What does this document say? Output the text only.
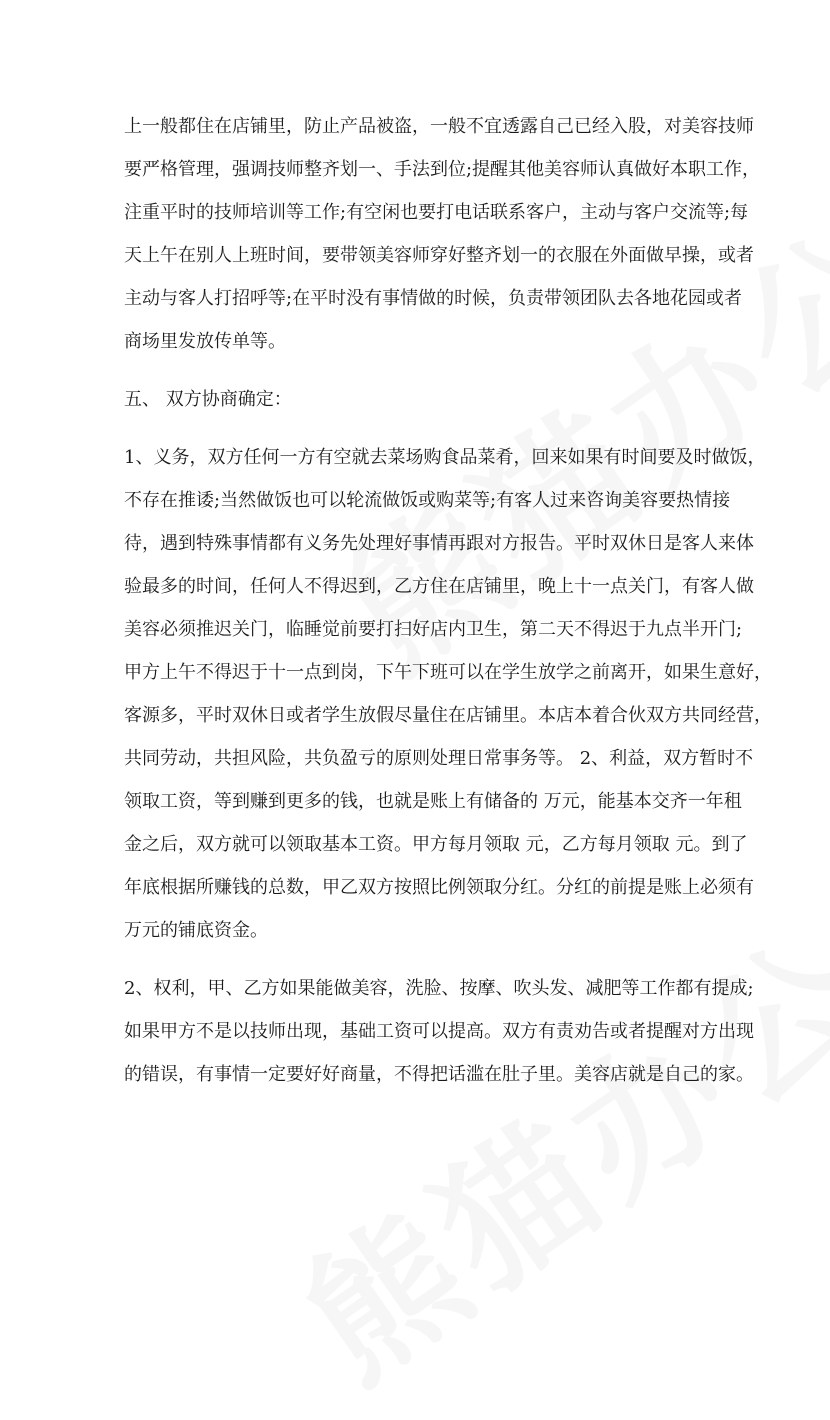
上一般都住在店铺里，防止产品被盗，一般不宜透露自己已经入股，对美容技师
要严格管理，强调技师整齐划一、手法到位;提醒其他美容师认真做好本职工作，
注重平时的技师培训等工作;有空闲也要打电话联系客户，主动与客户交流等;每
天上午在别人上班时间，要带领美容师穿好整齐划一的衣服在外面做早操，或者
主动与客人打招呼等;在平时没有事情做的时候，负责带领团队去各地花园或者
商场里发放传单等。
五、 双方协商确定：
1、义务，双方任何一方有空就去菜场购食品菜肴，回来如果有时间要及时做饭，
不存在推诿;当然做饭也可以轮流做饭或购菜等;有客人过来咨询美容要热情接
待，遇到特殊事情都有义务先处理好事情再跟对方报告。平时双休日是客人来体
验最多的时间，任何人不得迟到，乙方住在店铺里，晚上十一点关门，有客人做
美容必须推迟关门，临睡觉前要打扫好店内卫生，第二天不得迟于九点半开门;
甲方上午不得迟于十一点到岗，下午下班可以在学生放学之前离开，如果生意好，
客源多，平时双休日或者学生放假尽量住在店铺里。本店本着合伙双方共同经营，
共同劳动，共担风险，共负盈亏的原则处理日常事务等。 2、利益，双方暂时不
领取工资，等到赚到更多的钱，也就是账上有储备的 万元，能基本交齐一年租
金之后，双方就可以领取基本工资。甲方每月领取 元，乙方每月领取 元。到了
年底根据所赚钱的总数，甲乙双方按照比例领取分红。分红的前提是账上必须有
万元的铺底资金。
2、权利，甲、乙方如果能做美容，洗脸、按摩、吹头发、减肥等工作都有提成;
如果甲方不是以技师出现，基础工资可以提高。双方有责劝告或者提醒对方出现
的错误，有事情一定要好好商量，不得把话滥在肚子里。美容店就是自己的家。
